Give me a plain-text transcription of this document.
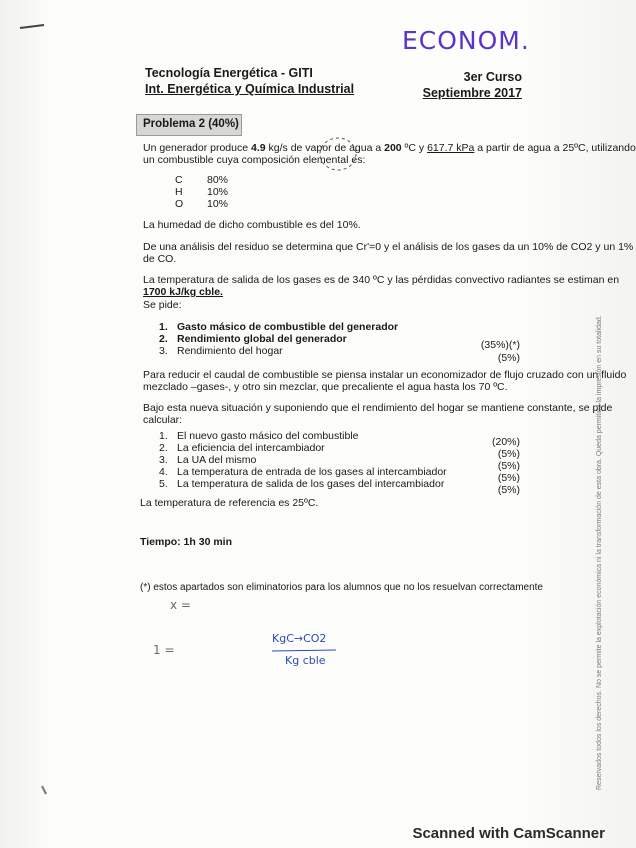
ECONOM.
Tecnología Energética - GITI
Int. Energética y Química Industrial
3er Curso
Septiembre 2017
Problema 2 (40%)
Un generador produce 4.9 kg/s de vapor de agua a 200 ºC y 617.7 kPa a partir de agua a 25ºC, utilizando
un combustible cuya composición elemental es:
C 80%
H 10%
O 10%
La humedad de dicho combustible es del 10%.
De una análisis del residuo se determina que Cr'=0 y el análisis de los gases da un 10% de CO2 y un 1%
de CO.
La temperatura de salida de los gases es de 340 ºC y las pérdidas convectivo radiantes se estiman en
1700 kJ/kg cble.
Se pide:
1. Gasto másico de combustible del generador
2. Rendimiento global del generador
3. Rendimiento del hogar	(35%)(*)
(5%)
Para reducir el caudal de combustible se piensa instalar un economizador de flujo cruzado con un fluido
mezclado –gases-, y otro sin mezclar, que precaliente el agua hasta los 70 ºC.
Bajo esta nueva situación y suponiendo que el rendimiento del hogar se mantiene constante, se pide
calcular:
1. El nuevo gasto másico del combustible
2. La eficiencia del intercambiador
3. La UA del mismo
4. La temperatura de entrada de los gases al intercambiador
5. La temperatura de salida de los gases del intercambiador
(20%)
(5%)
(5%)
(5%)
(5%)
La temperatura de referencia es 25ºC.
Tiempo: 1h 30 min
(*) estos apartados son eliminatorios para los alumnos que no los resuelvan correctamente
x =
1 =
KgC→CO2
Kg cble	Reservados todos los derechos. No se permite la explotación económica ni la transformación de esta obra. Queda permitida la impresión en su totalidad.
Scanned with CamScanner
